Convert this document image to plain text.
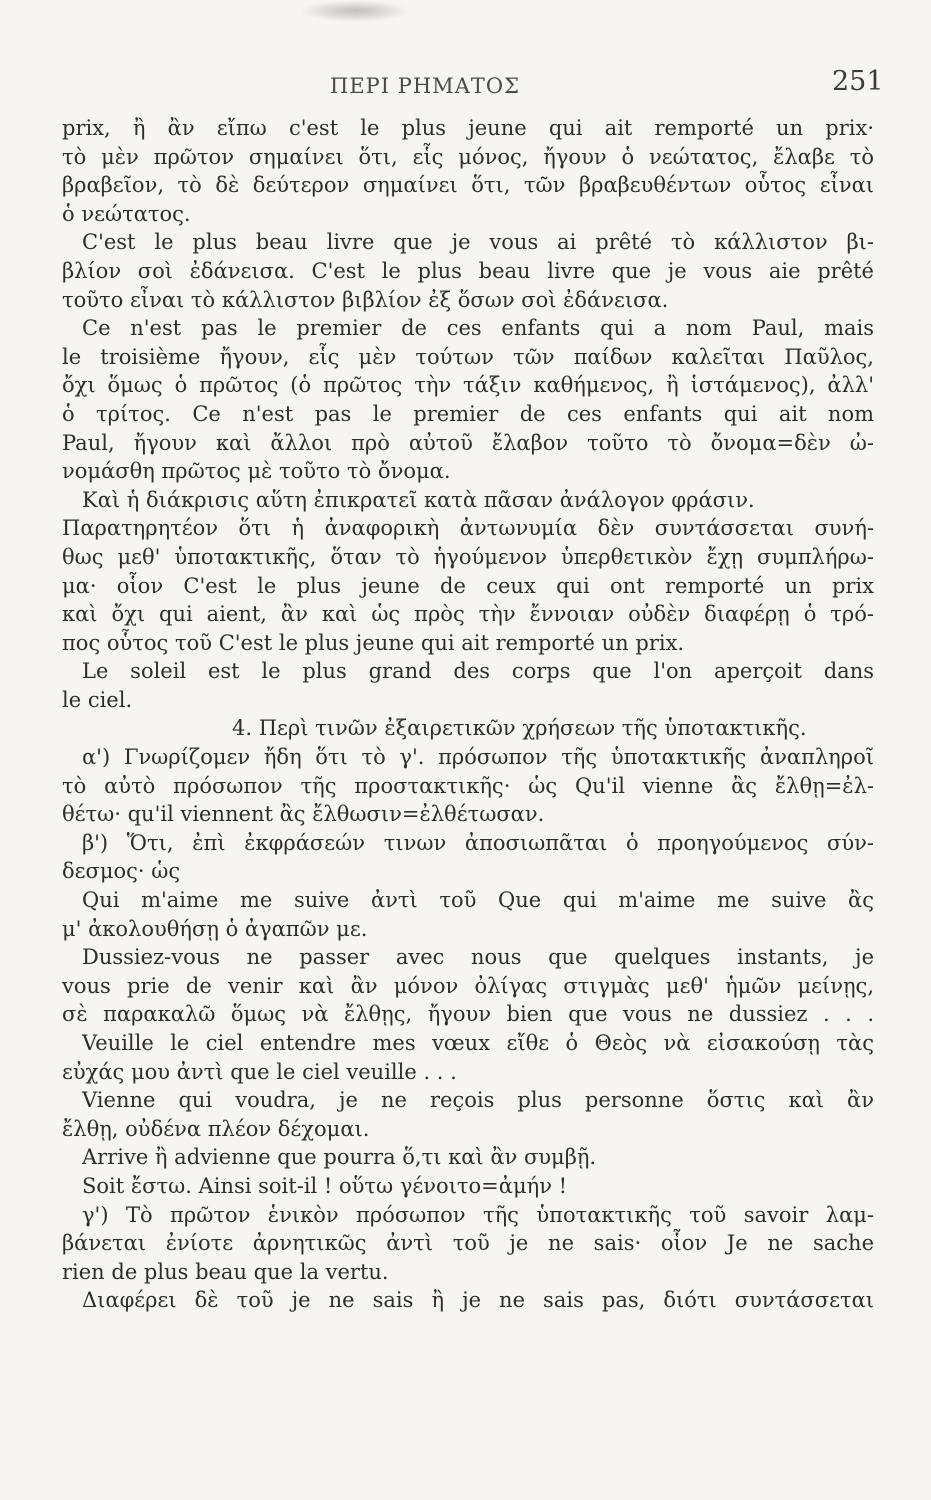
ΠΕΡΙ ΡΗΜΑΤΟΣ	251
prix, ἢ ἂν εἴπω c'est le plus jeune qui ait remporté un prix·
τὸ μὲν πρῶτον σημαίνει ὅτι, εἷς μόνος, ἤγουν ὁ νεώτατος, ἔλαβε τὸ
βραβεῖον, τὸ δὲ δεύτερον σημαίνει ὅτι, τῶν βραβευθέντων οὗτος εἶναι
ὁ νεώτατος.
C'est le plus beau livre que je vous ai prêté τὸ κάλλιστον βι-
βλίον σοὶ ἐδάνεισα. C'est le plus beau livre que je vous aie prêté
τοῦτο εἶναι τὸ κάλλιστον βιβλίον ἐξ ὅσων σοὶ ἐδάνεισα.
Ce n'est pas le premier de ces enfants qui a nom Paul, mais
le troisième ἤγουν, εἷς μὲν τούτων τῶν παίδων καλεῖται Παῦλος,
ὄχι ὅμως ὁ πρῶτος (ὁ πρῶτος τὴν τάξιν καθήμενος, ἢ ἱστάμενος), ἀλλ'
ὁ τρίτος. Ce n'est pas le premier de ces enfants qui ait nom
Paul, ἤγουν καὶ ἄλλοι πρὸ αὐτοῦ ἔλαβον τοῦτο τὸ ὄνομα=δὲν ὠ-
νομάσθη πρῶτος μὲ τοῦτο τὸ ὄνομα.
Καὶ ἡ διάκρισις αὕτη ἐπικρατεῖ κατὰ πᾶσαν ἀνάλογον φράσιν.
Παρατηρητέον ὅτι ἡ ἀναφορικὴ ἀντωνυμία δὲν συντάσσεται συνή-
θως μεθ' ὑποτακτικῆς, ὅταν τὸ ἡγούμενον ὑπερθετικὸν ἔχῃ συμπλήρω-
μα· οἷον C'est le plus jeune de ceux qui ont remporté un prix
καὶ ὄχι qui aient, ἂν καὶ ὡς πρὸς τὴν ἔννοιαν οὐδὲν διαφέρῃ ὁ τρό-
πος οὗτος τοῦ C'est le plus jeune qui ait remporté un prix.
Le soleil est le plus grand des corps que l'on aperçoit dans
le ciel.
4. Περὶ τινῶν ἐξαιρετικῶν χρήσεων τῆς ὑποτακτικῆς.
α') Γνωρίζομεν ἤδη ὅτι τὸ γ'. πρόσωπον τῆς ὑποτακτικῆς ἀναπληροῖ
τὸ αὐτὸ πρόσωπον τῆς προστακτικῆς· ὡς Qu'il vienne ἂς ἔλθῃ=ἐλ-
θέτω· qu'il viennent ἂς ἔλθωσιν=ἐλθέτωσαν.
β') Ὅτι, ἐπὶ ἐκφράσεών τινων ἀποσιωπᾶται ὁ προηγούμενος σύν-
δεσμος· ὡς
Qui m'aime me suive ἀντὶ τοῦ Que qui m'aime me suive ἂς
μ' ἀκολουθήσῃ ὁ ἀγαπῶν με.
Dussiez-vous ne passer avec nous que quelques instants, je
vous prie de venir καὶ ἂν μόνον ὀλίγας στιγμὰς μεθ' ἡμῶν μείνῃς,
σὲ παρακαλῶ ὅμως νὰ ἔλθῃς, ἤγουν bien que vous ne dussiez . . .
Veuille le ciel entendre mes vœux εἴθε ὁ Θεὸς νὰ εἰσακούσῃ τὰς
εὐχάς μου ἀντὶ que le ciel veuille . . .
Vienne qui voudra, je ne reçois plus personne ὅστις καὶ ἂν
ἔλθῃ, οὐδένα πλέον δέχομαι.
Arrive ἢ advienne que pourra ὅ,τι καὶ ἂν συμβῇ.
Soit ἔστω. Ainsi soit-il ! οὕτω γένοιτο=ἀμήν !
γ') Τὸ πρῶτον ἑνικὸν πρόσωπον τῆς ὑποτακτικῆς τοῦ savoir λαμ-
βάνεται ἐνίοτε ἀρνητικῶς ἀντὶ τοῦ je ne sais· οἷον Je ne sache
rien de plus beau que la vertu.
Διαφέρει δὲ τοῦ je ne sais ἢ je ne sais pas, διότι συντάσσεται
